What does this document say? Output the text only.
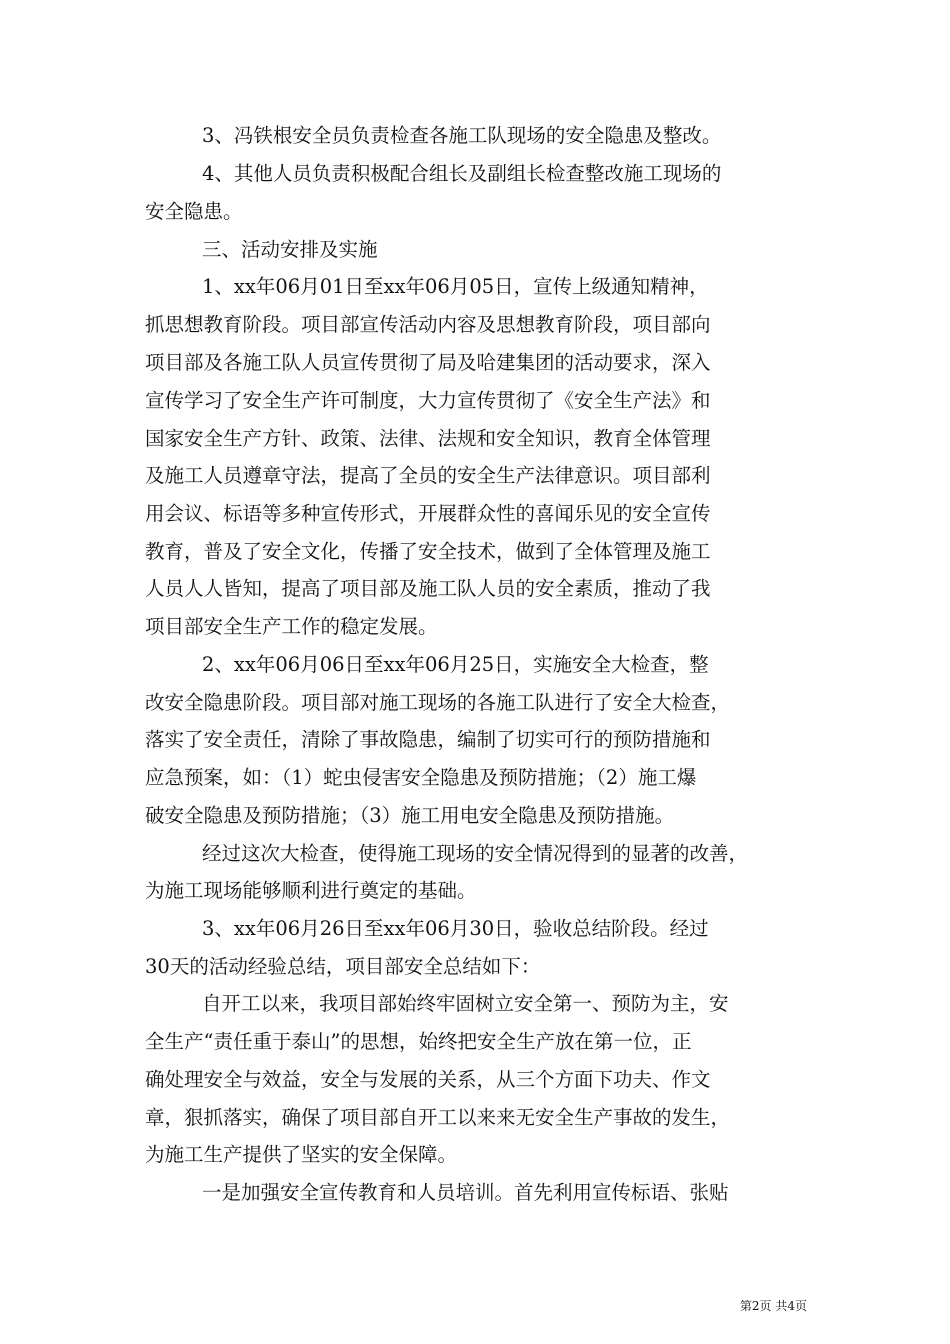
3、冯铁根安全员负责检查各施工队现场的安全隐患及整改。
4、其他人员负责积极配合组长及副组长检查整改施工现场的
安全隐患。
三、活动安排及实施
1、xx年06月01日至xx年06月05日，宣传上级通知精神，
抓思想教育阶段。项目部宣传活动内容及思想教育阶段，项目部向
项目部及各施工队人员宣传贯彻了局及哈建集团的活动要求，深入
宣传学习了安全生产许可制度，大力宣传贯彻了《安全生产法》和
国家安全生产方针、政策、法律、法规和安全知识，教育全体管理
及施工人员遵章守法，提高了全员的安全生产法律意识。项目部利
用会议、标语等多种宣传形式，开展群众性的喜闻乐见的安全宣传
教育，普及了安全文化，传播了安全技术，做到了全体管理及施工
人员人人皆知，提高了项目部及施工队人员的安全素质，推动了我
项目部安全生产工作的稳定发展。
2、xx年06月06日至xx年06月25日，实施安全大检查，整
改安全隐患阶段。项目部对施工现场的各施工队进行了安全大检查，
落实了安全责任，清除了事故隐患，编制了切实可行的预防措施和
应急预案，如：（1）蛇虫侵害安全隐患及预防措施；（2）施工爆
破安全隐患及预防措施；（3）施工用电安全隐患及预防措施。
经过这次大检查，使得施工现场的安全情况得到的显著的改善，
为施工现场能够顺利进行奠定的基础。
3、xx年06月26日至xx年06月30日，验收总结阶段。经过
30天的活动经验总结，项目部安全总结如下：
自开工以来，我项目部始终牢固树立安全第一、预防为主，安
全生产“责任重于泰山”的思想，始终把安全生产放在第一位，正
确处理安全与效益，安全与发展的关系，从三个方面下功夫、作文
章，狠抓落实，确保了项目部自开工以来来无安全生产事故的发生，
为施工生产提供了坚实的安全保障。
一是加强安全宣传教育和人员培训。首先利用宣传标语、张贴
第2页 共4页
